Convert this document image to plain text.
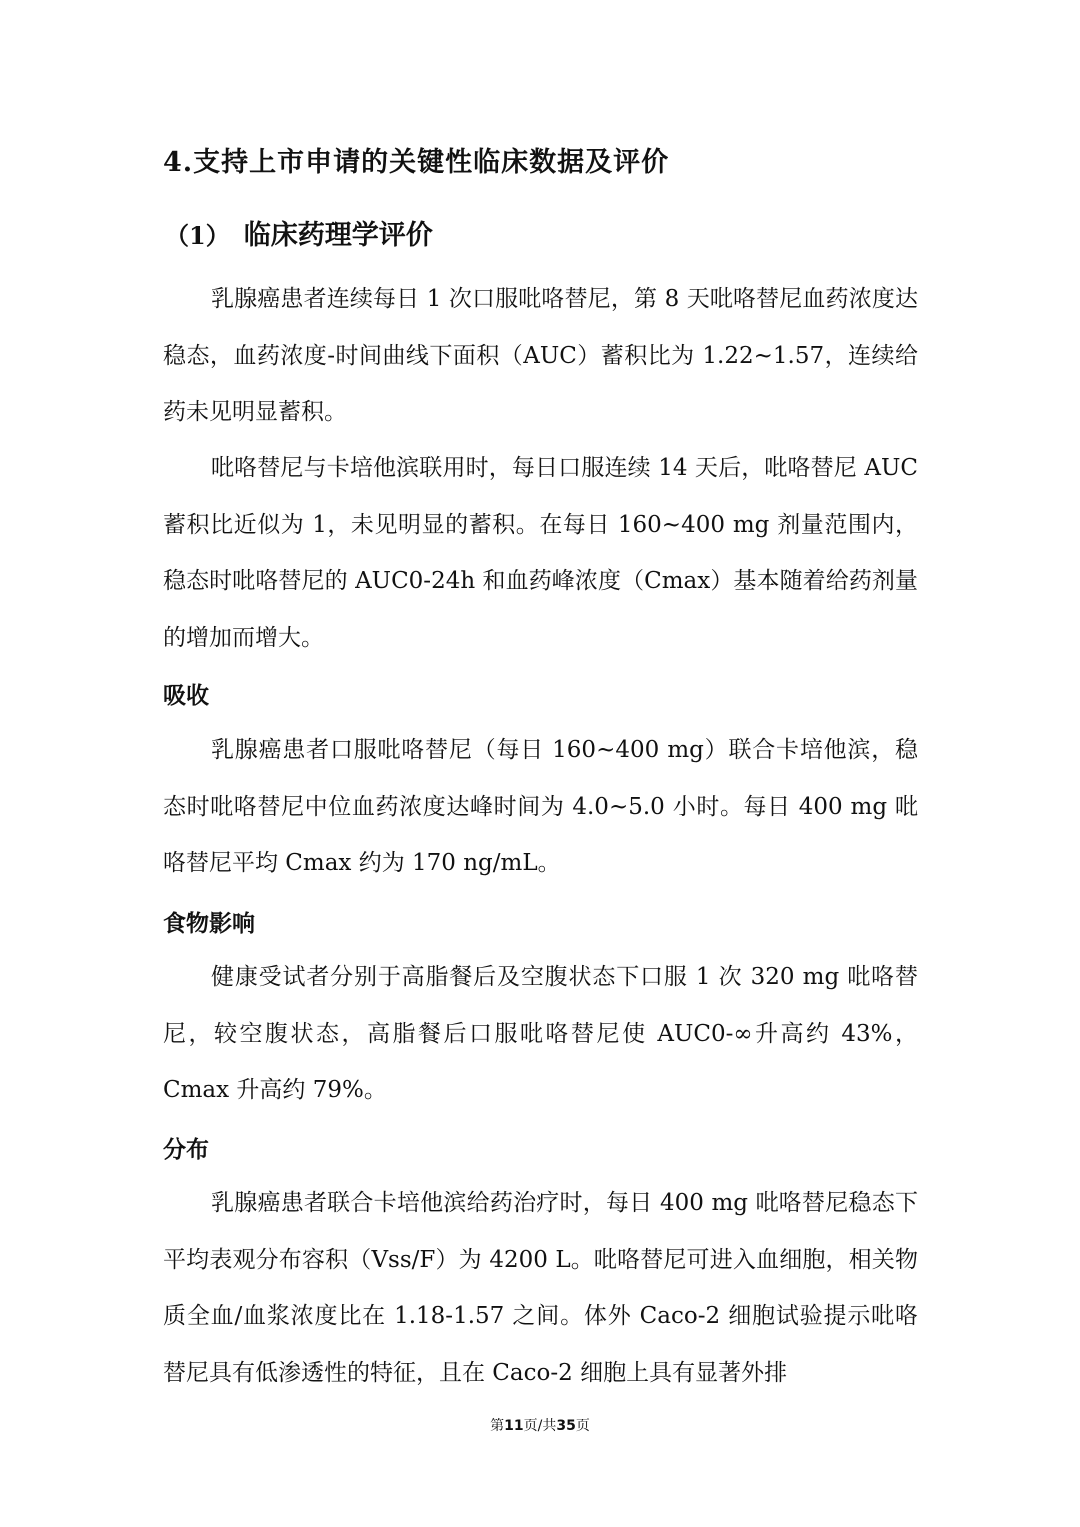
4.支持上市申请的关键性临床数据及评价
（1） 临床药理学评价
乳腺癌患者连续每日 1 次口服吡咯替尼，第 8 天吡咯替尼血药浓度达稳态，血药浓度-时间曲线下面积（AUC）蓄积比为 1.22~1.57，连续给药未见明显蓄积。
吡咯替尼与卡培他滨联用时，每日口服连续 14 天后，吡咯替尼 AUC 蓄积比近似为 1，未见明显的蓄积。在每日 160~400 mg 剂量范围内，稳态时吡咯替尼的 AUC0-24h 和血药峰浓度（Cmax）基本随着给药剂量的增加而增大。
吸收
乳腺癌患者口服吡咯替尼（每日 160~400 mg）联合卡培他滨，稳态时吡咯替尼中位血药浓度达峰时间为 4.0~5.0 小时。每日 400 mg 吡咯替尼平均 Cmax 约为 170 ng/mL。
食物影响
健康受试者分别于高脂餐后及空腹状态下口服 1 次 320 mg 吡咯替尼，较空腹状态，高脂餐后口服吡咯替尼使 AUC0-∞升高约 43%，Cmax 升高约 79%。
分布
乳腺癌患者联合卡培他滨给药治疗时，每日 400 mg 吡咯替尼稳态下平均表观分布容积（Vss/F）为 4200 L。吡咯替尼可进入血细胞，相关物质全血/血浆浓度比在 1.18-1.57 之间。体外 Caco-2 细胞试验提示吡咯替尼具有低渗透性的特征，且在 Caco-2 细胞上具有显著外排
第11页/共35页
